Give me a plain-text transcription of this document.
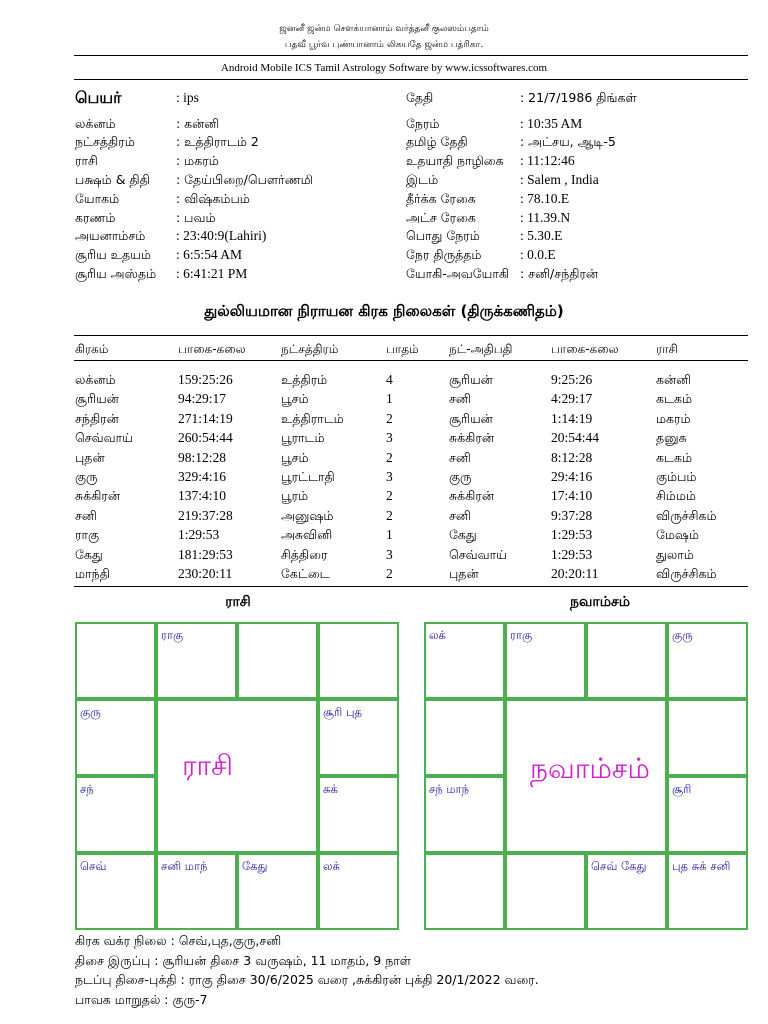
ஜனனீ ஜன்ம சௌக்யானாம் வர்த்தனீ குலஸம்பதாம்
பதவீ பூர்வ புண்யானாம் லிகயதே ஜன்ம பத்ரிகா.
Android Mobile ICS Tamil Astrology Software by www.icssoftwares.com
பெயர்	: ips
லக்னம்	: கன்னி
நட்சத்திரம்	: உத்திராடம் 2
ராசி	: மகரம்
பக்ஷம் & திதி : தேய்பிறை/பௌர்ணமி
யோகம்	: விஷ்கம்பம்
கரணம்	: பவம்
அயனாம்சம் : 23:40:9(Lahiri)
சூரிய உதயம் : 6:5:54 AM
சூரிய அஸ்தம் : 6:41:21 PM
தேதி	: 21/7/1986 திங்கள்
நேரம்	: 10:35 AM
தமிழ் தேதி	: அட்சய, ஆடி-5
உதயாதி நாழிகை : 11:12:46
இடம்	: Salem , India
தீர்க்க ரேகை	: 78.10.E
அட்ச ரேகை	: 11.39.N
பொது நேரம்	: 5.30.E
நேர திருத்தம்	: 0.0.E
யோகி-அவயோகி : சனி/சந்திரன்
துல்லியமான நிராயன கிரக நிலைகள் (திருக்கணிதம்)
கிரகம்	பாகை-கலை	நட்சத்திரம்	பாதம்	நட்-அதிபதி	பாகை-கலை	ராசி
லக்னம்	159:25:26	உத்திரம்	4	சூரியன்	9:25:26	கன்னி
சூரியன்	94:29:17	பூசம்	1	சனி	4:29:17	கடகம்
சந்திரன்	271:14:19	உத்திராடம்	2	சூரியன்	1:14:19	மகரம்
செவ்வாய்	260:54:44	பூராடம்	3	சுக்கிரன்	20:54:44	தனுசு
புதன்	98:12:28	பூசம்	2	சனி	8:12:28	கடகம்
குரு	329:4:16	பூரட்டாதி	3	குரு	29:4:16	கும்பம்
சுக்கிரன்	137:4:10	பூரம்	2	சுக்கிரன்	17:4:10	சிம்மம்
சனி	219:37:28	அனுஷம்	2	சனி	9:37:28	விருச்சிகம்
ராகு	1:29:53	அசுவினி	1	கேது	1:29:53	மேஷம்
கேது	181:29:53	சித்திரை	3	செவ்வாய்	1:29:53	துலாம்
மாந்தி	230:20:11	கேட்டை	2	புதன்	20:20:11	விருச்சிகம்
ராசி	நவாம்சம்
ராகு
குரு	சூரி புத
சந்	சுக்
செவ்	சனி மாந்	கேது	லக்
ராசி
லக்	ராகு	குரு
சந் மாந்	சூரி
செவ் கேது	புத சுக் சனி
நவாம்சம்
கிரக வக்ர நிலை : செவ்,புத,குரு,சனி
திசை இருப்பு : சூரியன் திசை 3 வருஷம், 11 மாதம், 9 நாள்
நடப்பு திசை-புக்தி : ராகு திசை 30/6/2025 வரை ,சுக்கிரன் புக்தி 20/1/2022 வரை.
பாவக மாறுதல் : குரு-7
